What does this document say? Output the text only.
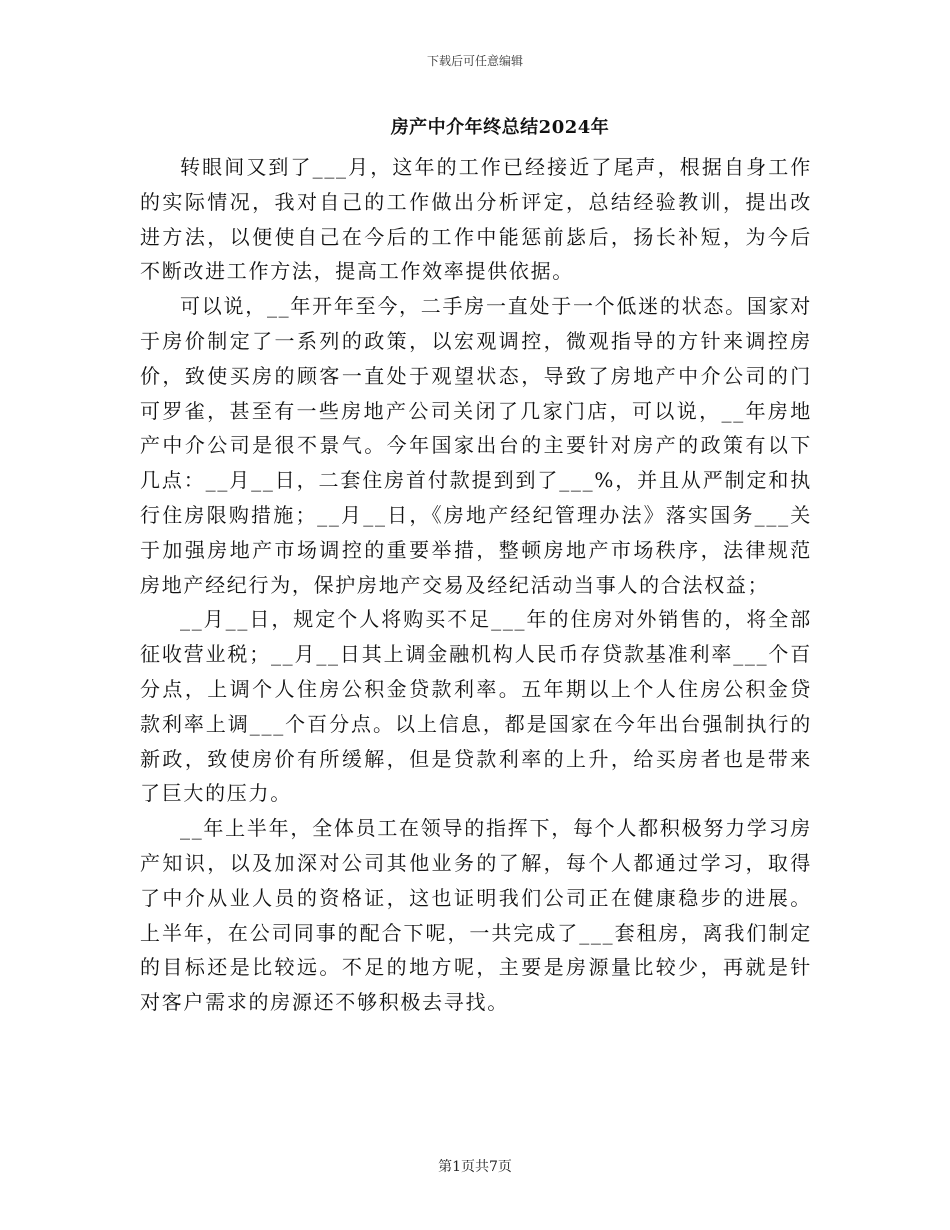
下载后可任意编辑
房产中介年终总结2024年

转眼间又到了___月，这年的工作已经接近了尾声，根据自身工作的实际情况，我对自己的工作做出分析评定，总结经验教训，提出改进方法，以便使自己在今后的工作中能惩前毖后，扬长补短，为今后不断改进工作方法，提高工作效率提供依据。

可以说，__年开年至今，二手房一直处于一个低迷的状态。国家对于房价制定了一系列的政策，以宏观调控，微观指导的方针来调控房价，致使买房的顾客一直处于观望状态，导致了房地产中介公司的门可罗雀，甚至有一些房地产公司关闭了几家门店，可以说，__年房地产中介公司是很不景气。今年国家出台的主要针对房产的政策有以下几点：__月__日，二套住房首付款提到到了___%，并且从严制定和执行住房限购措施；__月__日，《房地产经纪管理办法》落实国务___关于加强房地产市场调控的重要举措，整顿房地产市场秩序，法律规范房地产经纪行为，保护房地产交易及经纪活动当事人的合法权益；

__月__日，规定个人将购买不足___年的住房对外销售的，将全部征收营业税；__月__日其上调金融机构人民币存贷款基准利率___个百分点，上调个人住房公积金贷款利率。五年期以上个人住房公积金贷款利率上调___个百分点。以上信息，都是国家在今年出台强制执行的新政，致使房价有所缓解，但是贷款利率的上升，给买房者也是带来了巨大的压力。

__年上半年，全体员工在领导的指挥下，每个人都积极努力学习房产知识，以及加深对公司其他业务的了解，每个人都通过学习，取得了中介从业人员的资格证，这也证明我们公司正在健康稳步的进展。上半年，在公司同事的配合下呢，一共完成了___套租房，离我们制定的目标还是比较远。不足的地方呢，主要是房源量比较少，再就是针对客户需求的房源还不够积极去寻找。

第1页共7页
